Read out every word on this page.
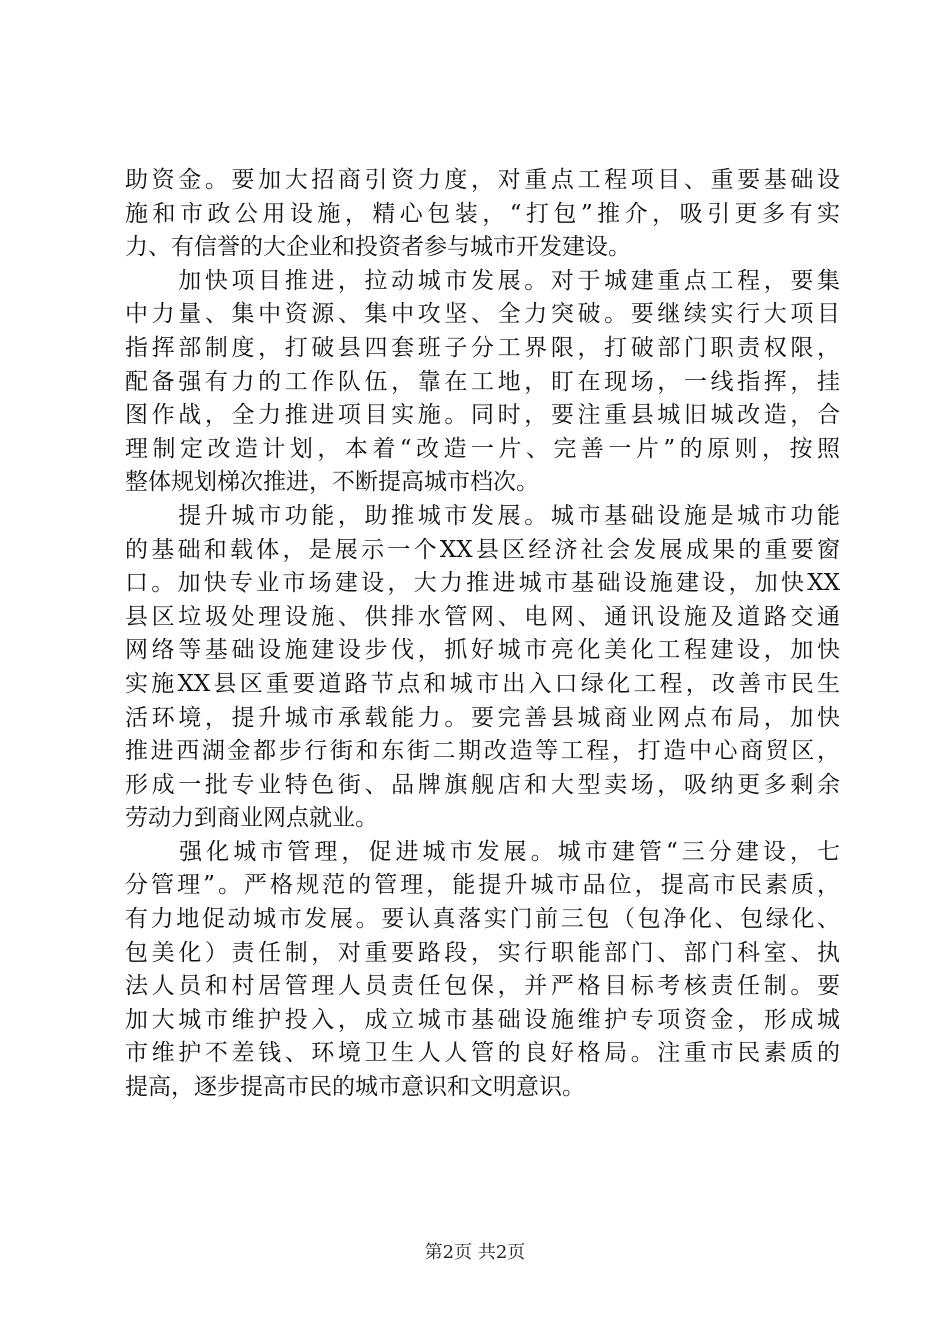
助资金。要加大招商引资力度，对重点工程项目、重要基础设
施和市政公用设施，精心包装，“打包”推介，吸引更多有实
力、有信誉的大企业和投资者参与城市开发建设。
　　加快项目推进，拉动城市发展。对于城建重点工程，要集
中力量、集中资源、集中攻坚、全力突破。要继续实行大项目
指挥部制度，打破县四套班子分工界限，打破部门职责权限，
配备强有力的工作队伍，靠在工地，盯在现场，一线指挥，挂
图作战，全力推进项目实施。同时，要注重县城旧城改造，合
理制定改造计划，本着“改造一片、完善一片”的原则，按照
整体规划梯次推进，不断提高城市档次。
　　提升城市功能，助推城市发展。城市基础设施是城市功能
的基础和载体，是展示一个XX县区经济社会发展成果的重要窗
口。加快专业市场建设，大力推进城市基础设施建设，加快XX
县区垃圾处理设施、供排水管网、电网、通讯设施及道路交通
网络等基础设施建设步伐，抓好城市亮化美化工程建设，加快
实施XX县区重要道路节点和城市出入口绿化工程，改善市民生
活环境，提升城市承载能力。要完善县城商业网点布局，加快
推进西湖金都步行街和东街二期改造等工程，打造中心商贸区，
形成一批专业特色街、品牌旗舰店和大型卖场，吸纳更多剩余
劳动力到商业网点就业。
　　强化城市管理，促进城市发展。城市建管“三分建设，七
分管理”。严格规范的管理，能提升城市品位，提高市民素质，
有力地促动城市发展。要认真落实门前三包（包净化、包绿化、
包美化）责任制，对重要路段，实行职能部门、部门科室、执
法人员和村居管理人员责任包保，并严格目标考核责任制。要
加大城市维护投入，成立城市基础设施维护专项资金，形成城
市维护不差钱、环境卫生人人管的良好格局。注重市民素质的
提高，逐步提高市民的城市意识和文明意识。
第2页 共2页
